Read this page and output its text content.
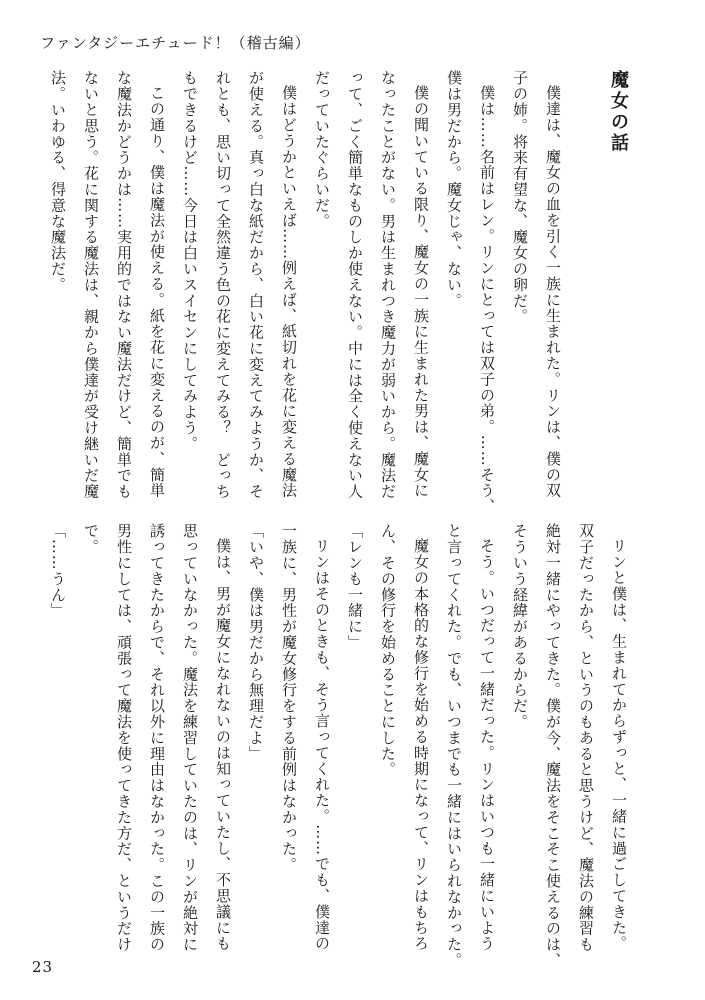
ファンタジーエチュード！（稽古編）
魔女の話
僕達は、魔女の血を引く一族に生まれた。リンは、僕の双
子の姉。将来有望な、魔女の卵だ。
僕は……名前はレン。リンにとっては双子の弟。……そう、
僕は男だから。魔女じゃ、ない。
僕の聞いている限り、魔女の一族に生まれた男は、魔女に
なったことがない。男は生まれつき魔力が弱いから。魔法だ
って、ごく簡単なものしか使えない。中には全く使えない人
だっていたぐらいだ。
僕はどうかといえば……例えば、紙切れを花に変える魔法
が使える。真っ白な紙だから、白い花に変えてみようか、そ
れとも、思い切って全然違う色の花に変えてみる？　どっち
もできるけど……今日は白いスイセンにしてみよう。
この通り、僕は魔法が使える。紙を花に変えるのが、簡単
な魔法かどうかは……実用的ではない魔法だけど、簡単でも
ないと思う。花に関する魔法は、親から僕達が受け継いだ魔
法。いわゆる、得意な魔法だ。
リンと僕は、生まれてからずっと、一緒に過ごしてきた。
双子だったから、というのもあると思うけど、魔法の練習も
絶対一緒にやってきた。僕が今、魔法をそこそこ使えるのは、
そういう経緯があるからだ。
そう。いつだって一緒だった。リンはいつも一緒にいよう
と言ってくれた。でも、いつまでも一緒にはいられなかった。
魔女の本格的な修行を始める時期になって、リンはもちろ
ん、その修行を始めることにした。
「レンも一緒に」
リンはそのときも、そう言ってくれた。……でも、僕達の
一族に、男性が魔女修行をする前例はなかった。
「いや、僕は男だから無理だよ」
僕は、男が魔女になれないのは知っていたし、不思議にも
思っていなかった。魔法を練習していたのは、リンが絶対に
誘ってきたからで、それ以外に理由はなかった。この一族の
男性にしては、頑張って魔法を使ってきた方だ、というだけ
で。
「……うん」
23
